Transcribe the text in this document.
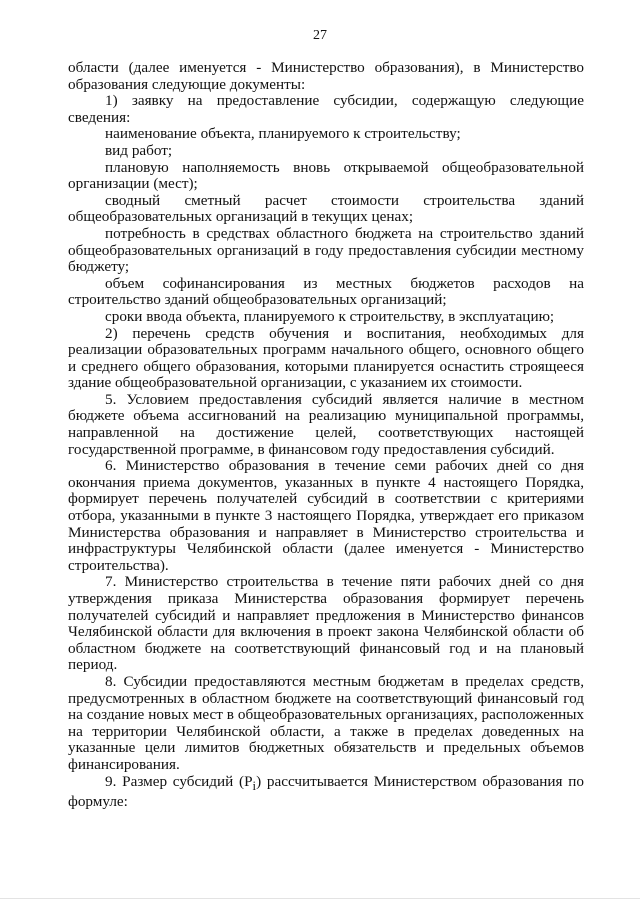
27

области (далее именуется - Министерство образования), в Министерство образования следующие документы:

1) заявку на предоставление субсидии, содержащую следующие сведения:

наименование объекта, планируемого к строительству;

вид работ;

плановую наполняемость вновь открываемой общеобразовательной организации (мест);

сводный сметный расчет стоимости строительства зданий общеобразовательных организаций в текущих ценах;

потребность в средствах областного бюджета на строительство зданий общеобразовательных организаций в году предоставления субсидии местному бюджету;

объем софинансирования из местных бюджетов расходов на строительство зданий общеобразовательных организаций;

сроки ввода объекта, планируемого к строительству, в эксплуатацию;

2) перечень средств обучения и воспитания, необходимых для реализации образовательных программ начального общего, основного общего и среднего общего образования, которыми планируется оснастить строящееся здание общеобразовательной организации, с указанием их стоимости.

5. Условием предоставления субсидий является наличие в местном бюджете объема ассигнований на реализацию муниципальной программы, направленной на достижение целей, соответствующих настоящей государственной программе, в финансовом году предоставления субсидий.

6. Министерство образования в течение семи рабочих дней со дня окончания приема документов, указанных в пункте 4 настоящего Порядка, формирует перечень получателей субсидий в соответствии с критериями отбора, указанными в пункте 3 настоящего Порядка, утверждает его приказом Министерства образования и направляет в Министерство строительства и инфраструктуры Челябинской области (далее именуется - Министерство строительства).

7. Министерство строительства в течение пяти рабочих дней со дня утверждения приказа Министерства образования формирует перечень получателей субсидий и направляет предложения в Министерство финансов Челябинской области для включения в проект закона Челябинской области об областном бюджете на соответствующий финансовый год и на плановый период.

8. Субсидии предоставляются местным бюджетам в пределах средств, предусмотренных в областном бюджете на соответствующий финансовый год на создание новых мест в общеобразовательных организациях, расположенных на территории Челябинской области, а также в пределах доведенных на указанные цели лимитов бюджетных обязательств и предельных объемов финансирования.

9. Размер субсидий $(P_i)$ рассчитывается Министерством образования по формуле:
